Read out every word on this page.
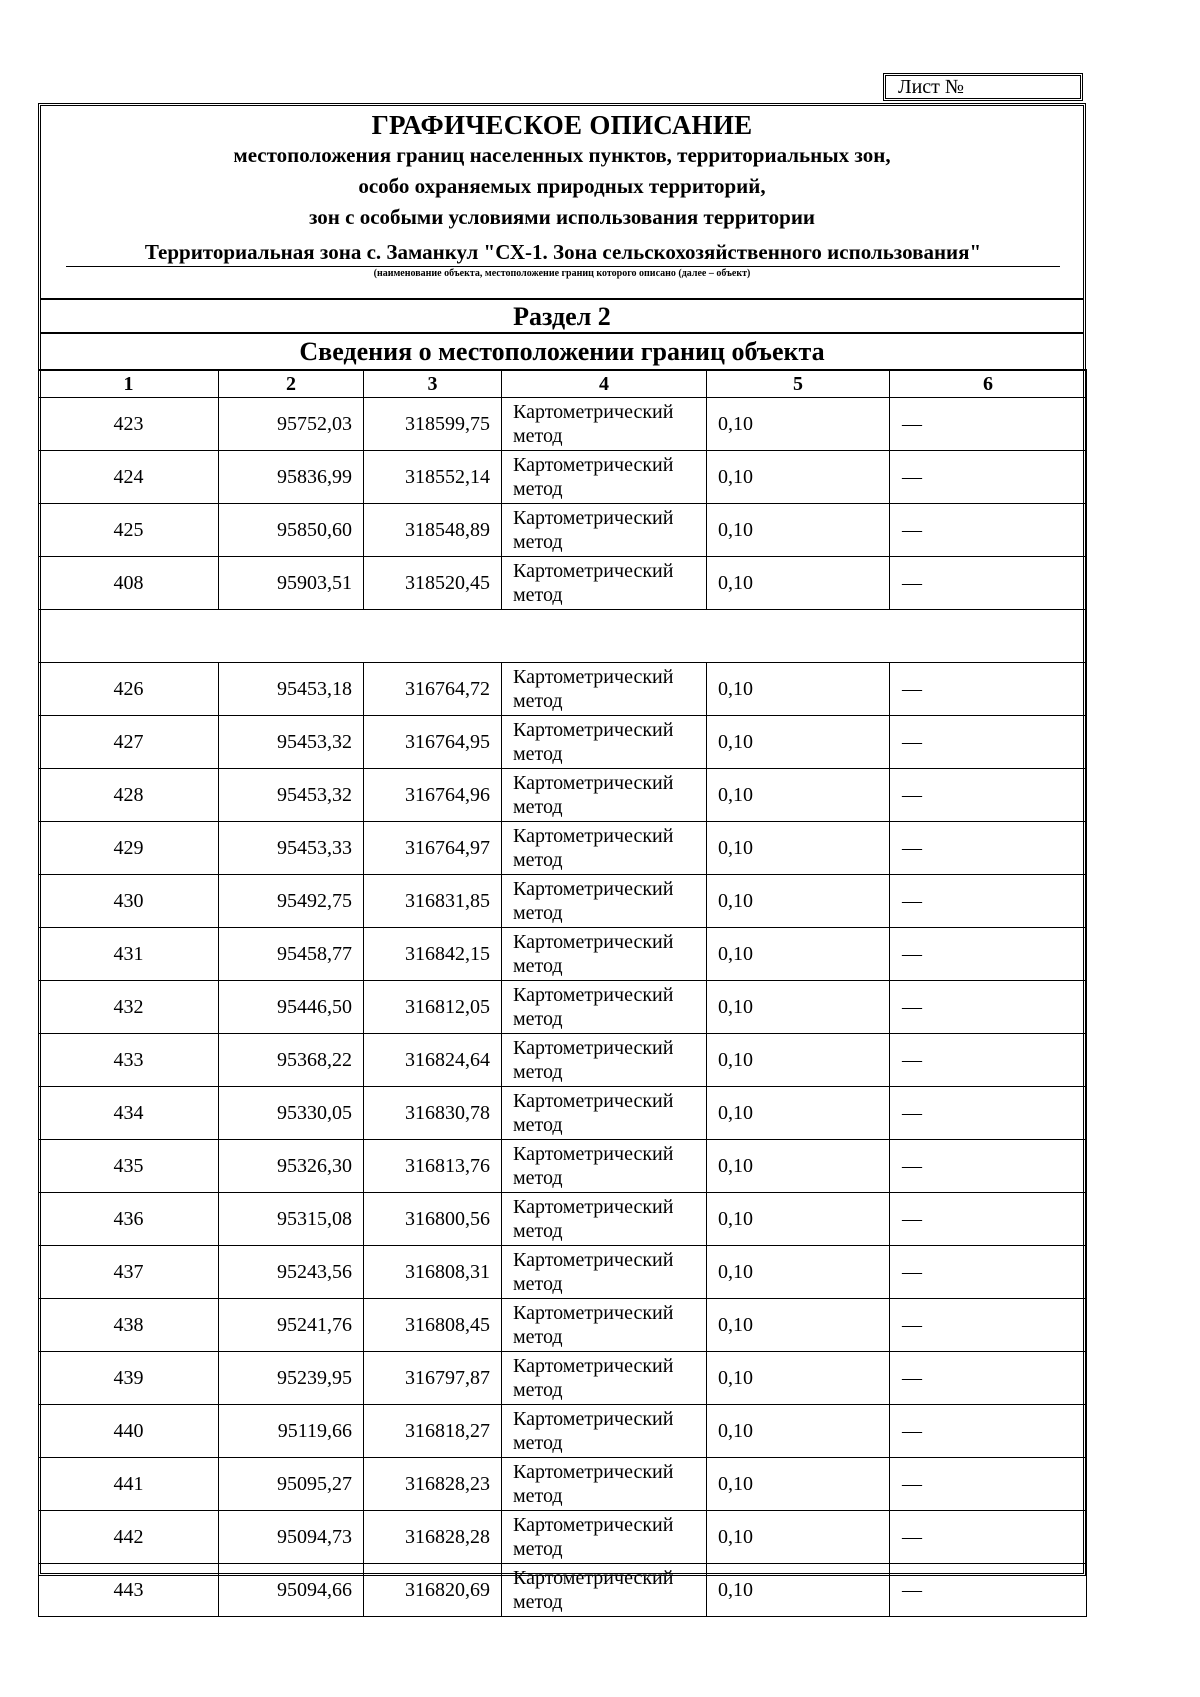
Лист №
ГРАФИЧЕСКОЕ ОПИСАНИЕ
местоположения границ населенных пунктов, территориальных зон,
особо охраняемых природных территорий,
зон с особыми условиями использования территории
Территориальная зона с. Заманкул "СХ-1. Зона сельскохозяйственного использования"
(наименование объекта, местоположение границ которого описано (далее – объект)
Раздел 2
Сведения о местоположении границ объекта
1	2	3	4	5	6
423	95752,03	318599,75	Картометрический метод	0,10	—
424	95836,99	318552,14	Картометрический метод	0,10	—
425	95850,60	318548,89	Картометрический метод	0,10	—
408	95903,51	318520,45	Картометрический метод	0,10	—

426	95453,18	316764,72	Картометрический метод	0,10	—
427	95453,32	316764,95	Картометрический метод	0,10	—
428	95453,32	316764,96	Картометрический метод	0,10	—
429	95453,33	316764,97	Картометрический метод	0,10	—
430	95492,75	316831,85	Картометрический метод	0,10	—
431	95458,77	316842,15	Картометрический метод	0,10	—
432	95446,50	316812,05	Картометрический метод	0,10	—
433	95368,22	316824,64	Картометрический метод	0,10	—
434	95330,05	316830,78	Картометрический метод	0,10	—
435	95326,30	316813,76	Картометрический метод	0,10	—
436	95315,08	316800,56	Картометрический метод	0,10	—
437	95243,56	316808,31	Картометрический метод	0,10	—
438	95241,76	316808,45	Картометрический метод	0,10	—
439	95239,95	316797,87	Картометрический метод	0,10	—
440	95119,66	316818,27	Картометрический метод	0,10	—
441	95095,27	316828,23	Картометрический метод	0,10	—
442	95094,73	316828,28	Картометрический метод	0,10	—
443	95094,66	316820,69	Картометрический метод	0,10	—
